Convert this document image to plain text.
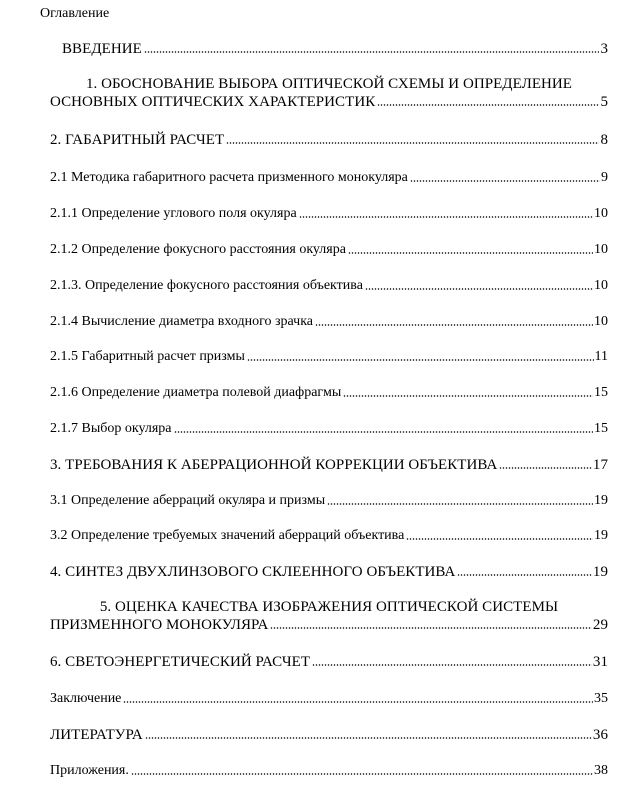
Оглавление
ВВЕДЕНИЕ	3
1. ОБОСНОВАНИЕ ВЫБОРА ОПТИЧЕСКОЙ СХЕМЫ И ОПРЕДЕЛЕНИЕ
ОСНОВНЫХ ОПТИЧЕСКИХ ХАРАКТЕРИСТИК	5
2. ГАБАРИТНЫЙ РАСЧЕТ	8
2.1 Методика габаритного расчета призменного монокуляра	9
2.1.1 Определение углового поля окуляра	10
2.1.2 Определение фокусного расстояния окуляра	10
2.1.3. Определение фокусного расстояния объектива	10
2.1.4 Вычисление диаметра входного зрачка	10
2.1.5 Габаритный расчет призмы	11
2.1.6 Определение диаметра полевой диафрагмы	15
2.1.7 Выбор окуляра	15
3. ТРЕБОВАНИЯ К АБЕРРАЦИОННОЙ КОРРЕКЦИИ ОБЪЕКТИВА	17
3.1 Определение аберраций окуляра и призмы	19
3.2 Определение требуемых значений аберраций объектива	19
4. СИНТЕЗ ДВУХЛИНЗОВОГО СКЛЕЕННОГО ОБЪЕКТИВА	19
5. ОЦЕНКА КАЧЕСТВА ИЗОБРАЖЕНИЯ ОПТИЧЕСКОЙ СИСТЕМЫ
ПРИЗМЕННОГО МОНОКУЛЯРА	29
6. СВЕТОЭНЕРГЕТИЧЕСКИЙ РАСЧЕТ	31
Заключение	35
ЛИТЕРАТУРА	36
Приложения.	38
